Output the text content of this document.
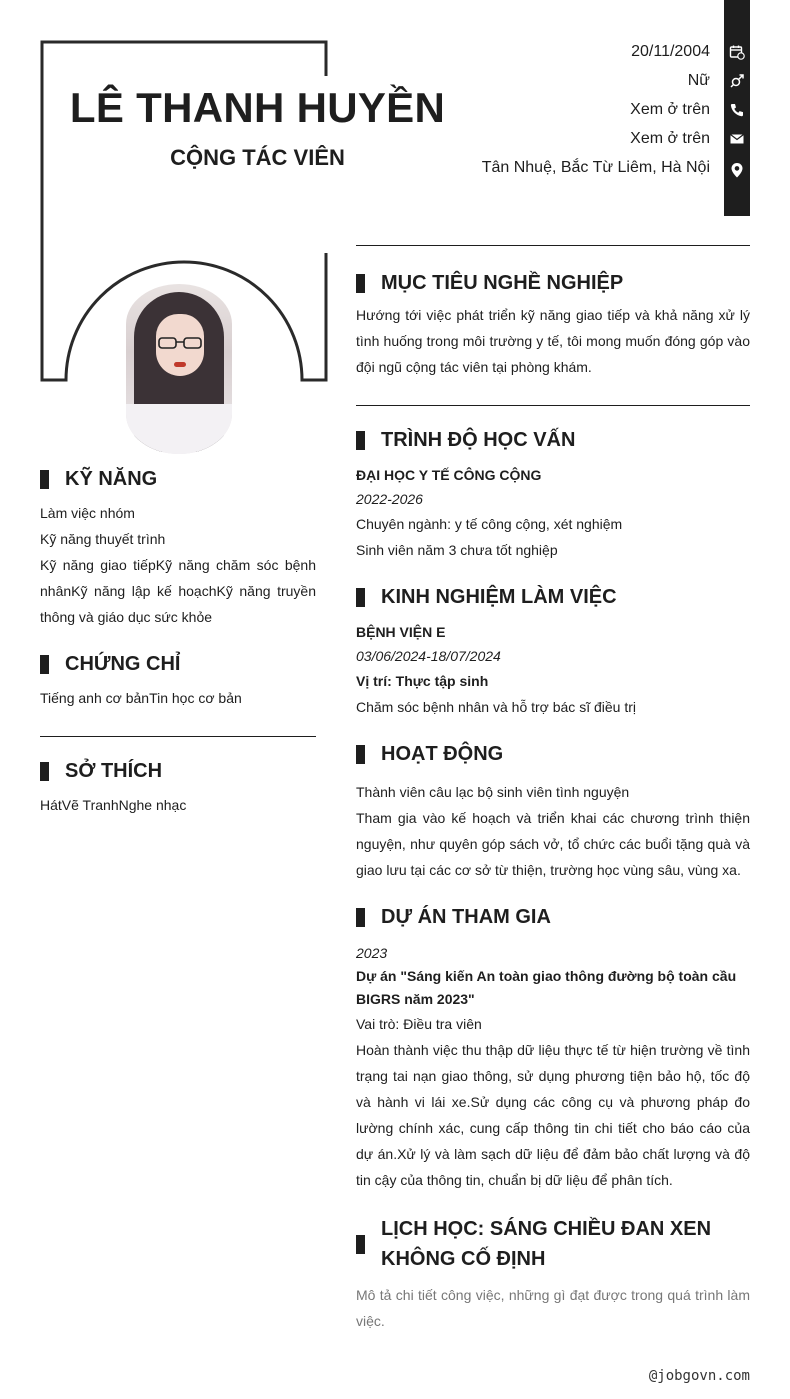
LÊ THANH HUYỀN
CỘNG TÁC VIÊN
20/11/2004
Nữ
Xem ở trên
Xem ở trên
Tân Nhuệ, Bắc Từ Liêm, Hà Nội
KỸ NĂNG
Làm việc nhóm
Kỹ năng thuyết trình
Kỹ năng giao tiếpKỹ năng chăm sóc bệnh nhânKỹ năng lập kế hoạchKỹ năng truyền thông và giáo dục sức khỏe
CHỨNG CHỈ
Tiếng anh cơ bảnTin học cơ bản
SỞ THÍCH
HátVẽ TranhNghe nhạc
MỤC TIÊU NGHỀ NGHIỆP
Hướng tới việc phát triển kỹ năng giao tiếp và khả năng xử lý tình huống trong môi trường y tế, tôi mong muốn đóng góp vào đội ngũ cộng tác viên tại phòng khám.
TRÌNH ĐỘ HỌC VẤN
ĐẠI HỌC Y TẾ CÔNG CỘNG
2022-2026
Chuyên ngành: y tế công cộng, xét nghiệm
Sinh viên năm 3 chưa tốt nghiệp
KINH NGHIỆM LÀM VIỆC
BỆNH VIỆN E
03/06/2024-18/07/2024
Vị trí: Thực tập sinh
Chăm sóc bệnh nhân và hỗ trợ bác sĩ điều trị
HOẠT ĐỘNG
Thành viên câu lạc bộ sinh viên tình nguyện
Tham gia vào kế hoạch và triển khai các chương trình thiện nguyện, như quyên góp sách vở, tổ chức các buổi tặng quà và giao lưu tại các cơ sở từ thiện, trường học vùng sâu, vùng xa.
DỰ ÁN THAM GIA
2023
Dự án "Sáng kiến An toàn giao thông đường bộ toàn cầu BIGRS năm 2023"
Vai trò: Điều tra viên
Hoàn thành việc thu thập dữ liệu thực tế từ hiện trường về tình trạng tai nạn giao thông, sử dụng phương tiện bảo hộ, tốc độ và hành vi lái xe.Sử dụng các công cụ và phương pháp đo lường chính xác, cung cấp thông tin chi tiết cho báo cáo của dự án.Xử lý và làm sạch dữ liệu để đảm bảo chất lượng và độ tin cậy của thông tin, chuẩn bị dữ liệu để phân tích.
LỊCH HỌC: SÁNG CHIỀU ĐAN XEN
KHÔNG CỐ ĐỊNH
Mô tả chi tiết công việc, những gì đạt được trong quá trình làm việc.
@jobgovn.com
